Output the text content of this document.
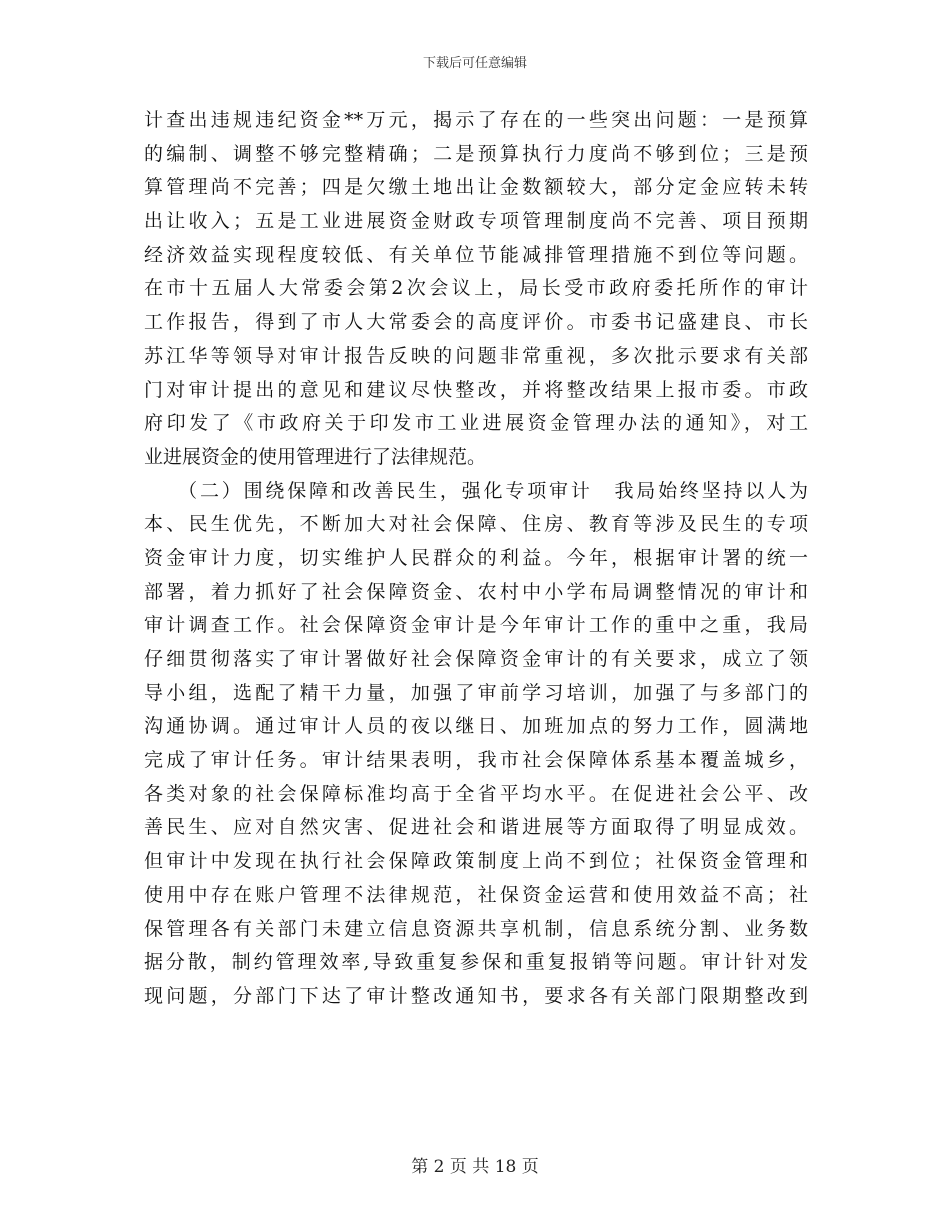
下载后可任意编辑
计查出违规违纪资金**万元，揭示了存在的一些突出问题：一是预算
的编制、调整不够完整精确；二是预算执行力度尚不够到位；三是预
算管理尚不完善；四是欠缴土地出让金数额较大，部分定金应转未转
出让收入；五是工业进展资金财政专项管理制度尚不完善、项目预期
经济效益实现程度较低、有关单位节能减排管理措施不到位等问题。
在市十五届人大常委会第2次会议上，局长受市政府委托所作的审计
工作报告，得到了市人大常委会的高度评价。市委书记盛建良、市长
苏江华等领导对审计报告反映的问题非常重视，多次批示要求有关部
门对审计提出的意见和建议尽快整改，并将整改结果上报市委。市政
府印发了《市政府关于印发市工业进展资金管理办法的通知》，对工
业进展资金的使用管理进行了法律规范。
　　（二）围绕保障和改善民生，强化专项审计　我局始终坚持以人为
本、民生优先，不断加大对社会保障、住房、教育等涉及民生的专项
资金审计力度，切实维护人民群众的利益。今年，根据审计署的统一
部署，着力抓好了社会保障资金、农村中小学布局调整情况的审计和
审计调查工作。社会保障资金审计是今年审计工作的重中之重，我局
仔细贯彻落实了审计署做好社会保障资金审计的有关要求，成立了领
导小组，选配了精干力量，加强了审前学习培训，加强了与多部门的
沟通协调。通过审计人员的夜以继日、加班加点的努力工作，圆满地
完成了审计任务。审计结果表明，我市社会保障体系基本覆盖城乡，
各类对象的社会保障标准均高于全省平均水平。在促进社会公平、改
善民生、应对自然灾害、促进社会和谐进展等方面取得了明显成效。
但审计中发现在执行社会保障政策制度上尚不到位；社保资金管理和
使用中存在账户管理不法律规范，社保资金运营和使用效益不高；社
保管理各有关部门未建立信息资源共享机制，信息系统分割、业务数
据分散，制约管理效率,导致重复参保和重复报销等问题。审计针对发
现问题，分部门下达了审计整改通知书，要求各有关部门限期整改到
第 2 页 共 18 页
